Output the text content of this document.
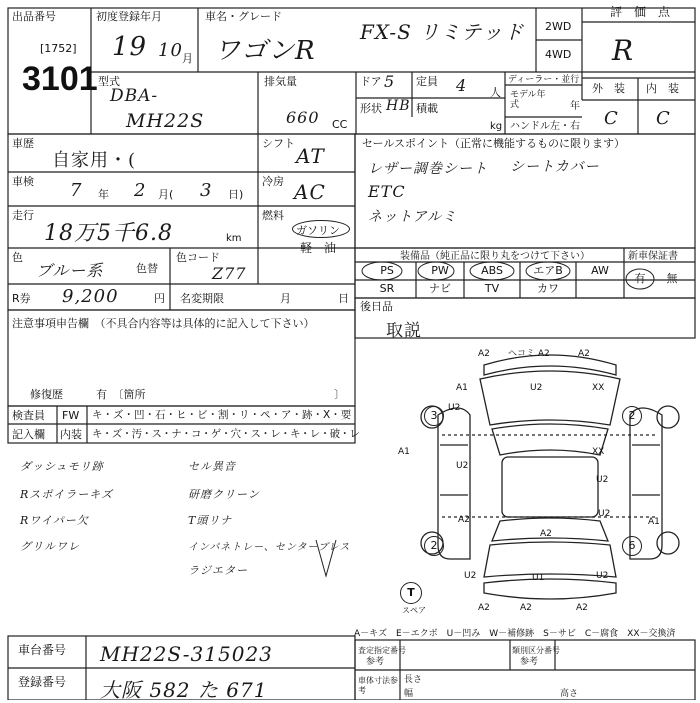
出品番号
[1752]
3101
初度登録年月
19 10 月
車名・グレード
ワゴンR
FX-S リミテッド 2WD
4WD
評　価　点
R
型式
DBA-
MH22S
排気量
660 CC
ドア 5 定員 4 人
形状 HB 積載
kg
ディーラー・並行
モデル年式	年
ハンドル 左・右
外　装 内　装
C C
車歴
自家用・(
シフト
AT
車検 7 年 2 月( 3 日)
冷房 AC
走行
18万5千6.8	km
燃料
ガソリン
軽　油
色
ブルー系	色替
色コード
Z77
R券 9,200	円 名変期限	月	日
セールスポイント（正常に機能するものに限ります）
レザー調巻シート シートカバー
ETC
ネットアルミ
装備品（純正品に限り丸をつけて下さい）	新車保証書
PS	PW	ABS	エアB	AW
SR	ナビ	TV	カワ
有	無
後日品
取説
注意事項申告欄　（不具合内容等は具体的に記入して下さい）
修復歴	有　〔箇所	〕
検査員
記入欄
FW キ・ズ・凹・石・ヒ・ビ・割・リ・ペ・ア・跡・X・要
内装 キ・ズ・汚・ス・ナ・コ・ゲ・穴・ス・レ・キ・レ・破・レ
ダッシュモリ跡
Rスポイラーキズ
Rワイパー欠
グリルワレ
セル異音
研磨クリーン
T頭リナ
インパネトレー、センターブレス
ラジエター
A2 ヘコミ A2	A2
A1	U2	XX
U2
A1
U2
XX
U2
A2
U2
A2
A1
U2	U1	U2
A2	A2	A2
3	2
2	6
T
スペア
A－キズ　E－エクボ　U－凹み　W－補修跡　S－サビ　C－腐食　XX－交換済
車台番号 MH22S-315023
登録番号 大阪 582 た 671
査定指定番号
参考
類別区分番号
参考
車体寸法参考
長さ
幅	高さ
